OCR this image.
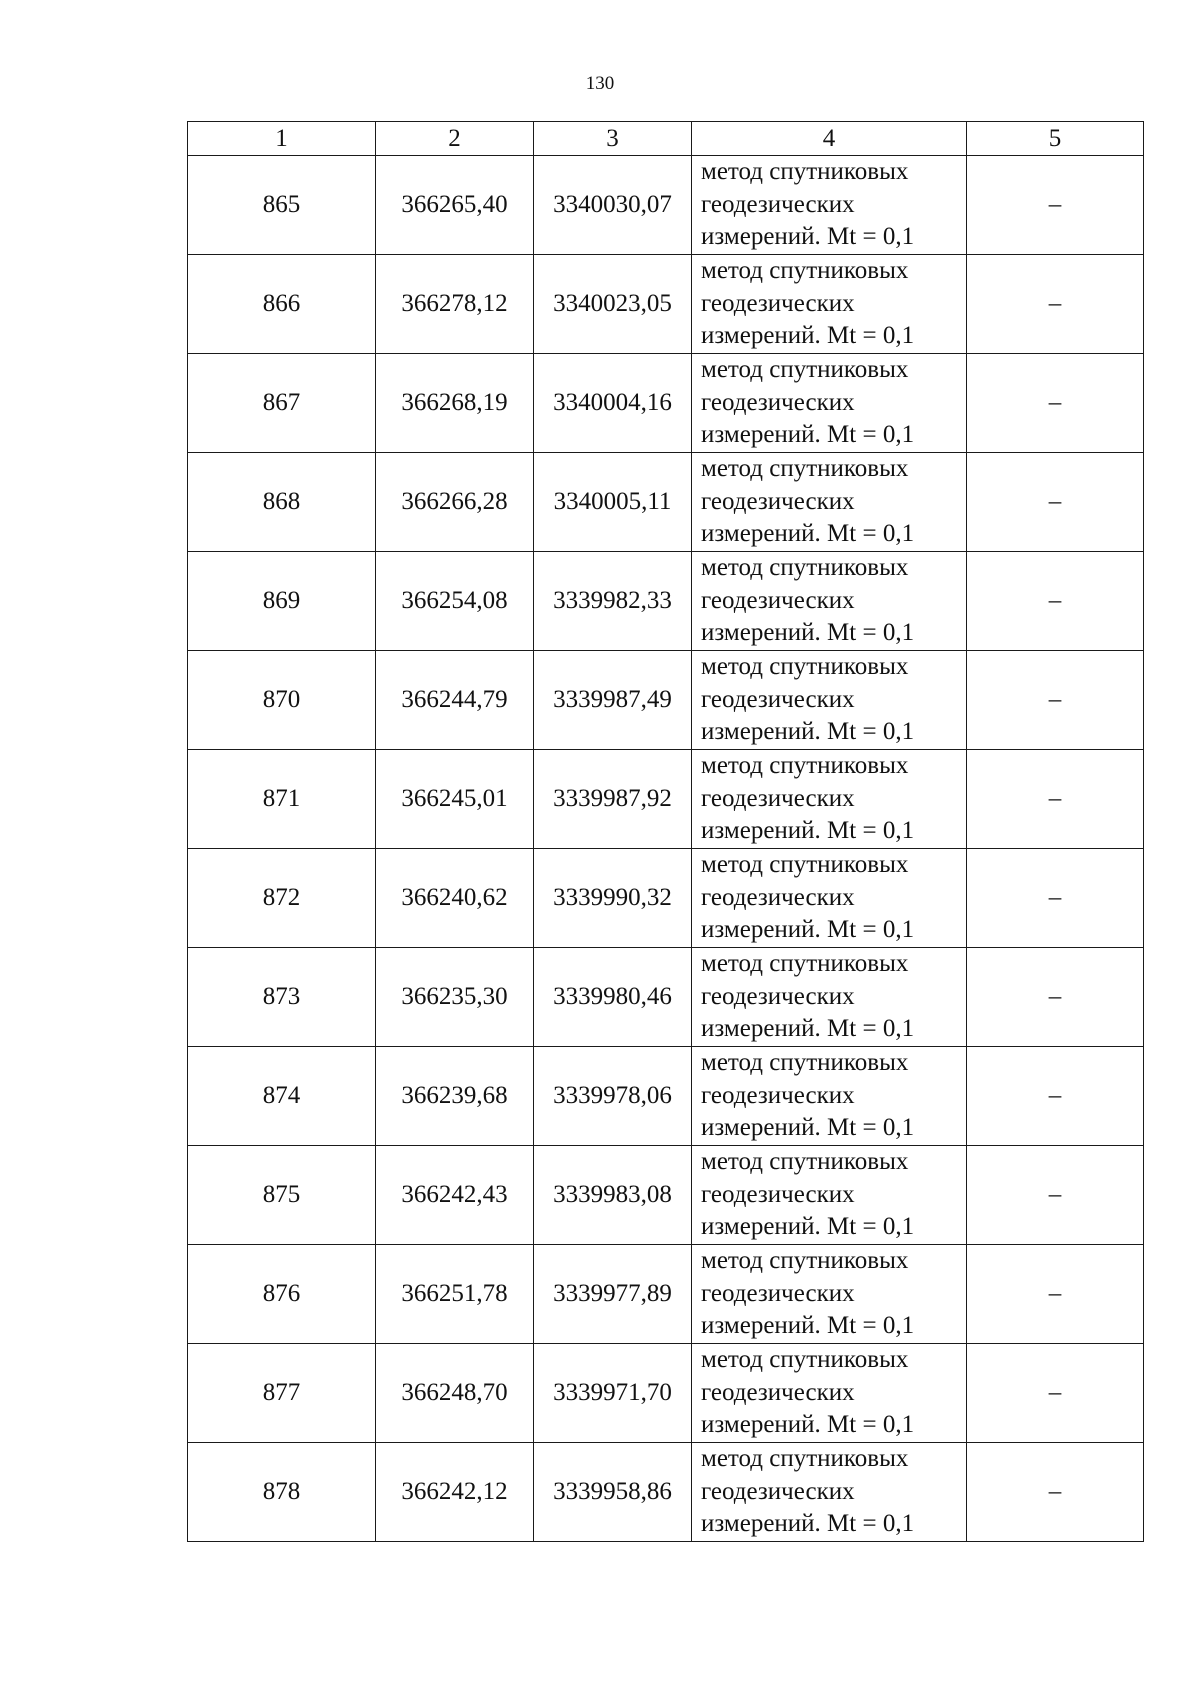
130
1	2	3	4	5
865	366265,40	3340030,07	метод спутниковых
геодезических
измерений. Mt = 0,1	–
866	366278,12	3340023,05	метод спутниковых
геодезических
измерений. Mt = 0,1	–
867	366268,19	3340004,16	метод спутниковых
геодезических
измерений. Mt = 0,1	–
868	366266,28	3340005,11	метод спутниковых
геодезических
измерений. Mt = 0,1	–
869	366254,08	3339982,33	метод спутниковых
геодезических
измерений. Mt = 0,1	–
870	366244,79	3339987,49	метод спутниковых
геодезических
измерений. Mt = 0,1	–
871	366245,01	3339987,92	метод спутниковых
геодезических
измерений. Mt = 0,1	–
872	366240,62	3339990,32	метод спутниковых
геодезических
измерений. Mt = 0,1	–
873	366235,30	3339980,46	метод спутниковых
геодезических
измерений. Mt = 0,1	–
874	366239,68	3339978,06	метод спутниковых
геодезических
измерений. Mt = 0,1	–
875	366242,43	3339983,08	метод спутниковых
геодезических
измерений. Mt = 0,1	–
876	366251,78	3339977,89	метод спутниковых
геодезических
измерений. Mt = 0,1	–
877	366248,70	3339971,70	метод спутниковых
геодезических
измерений. Mt = 0,1	–
878	366242,12	3339958,86	метод спутниковых
геодезических
измерений. Mt = 0,1	–
